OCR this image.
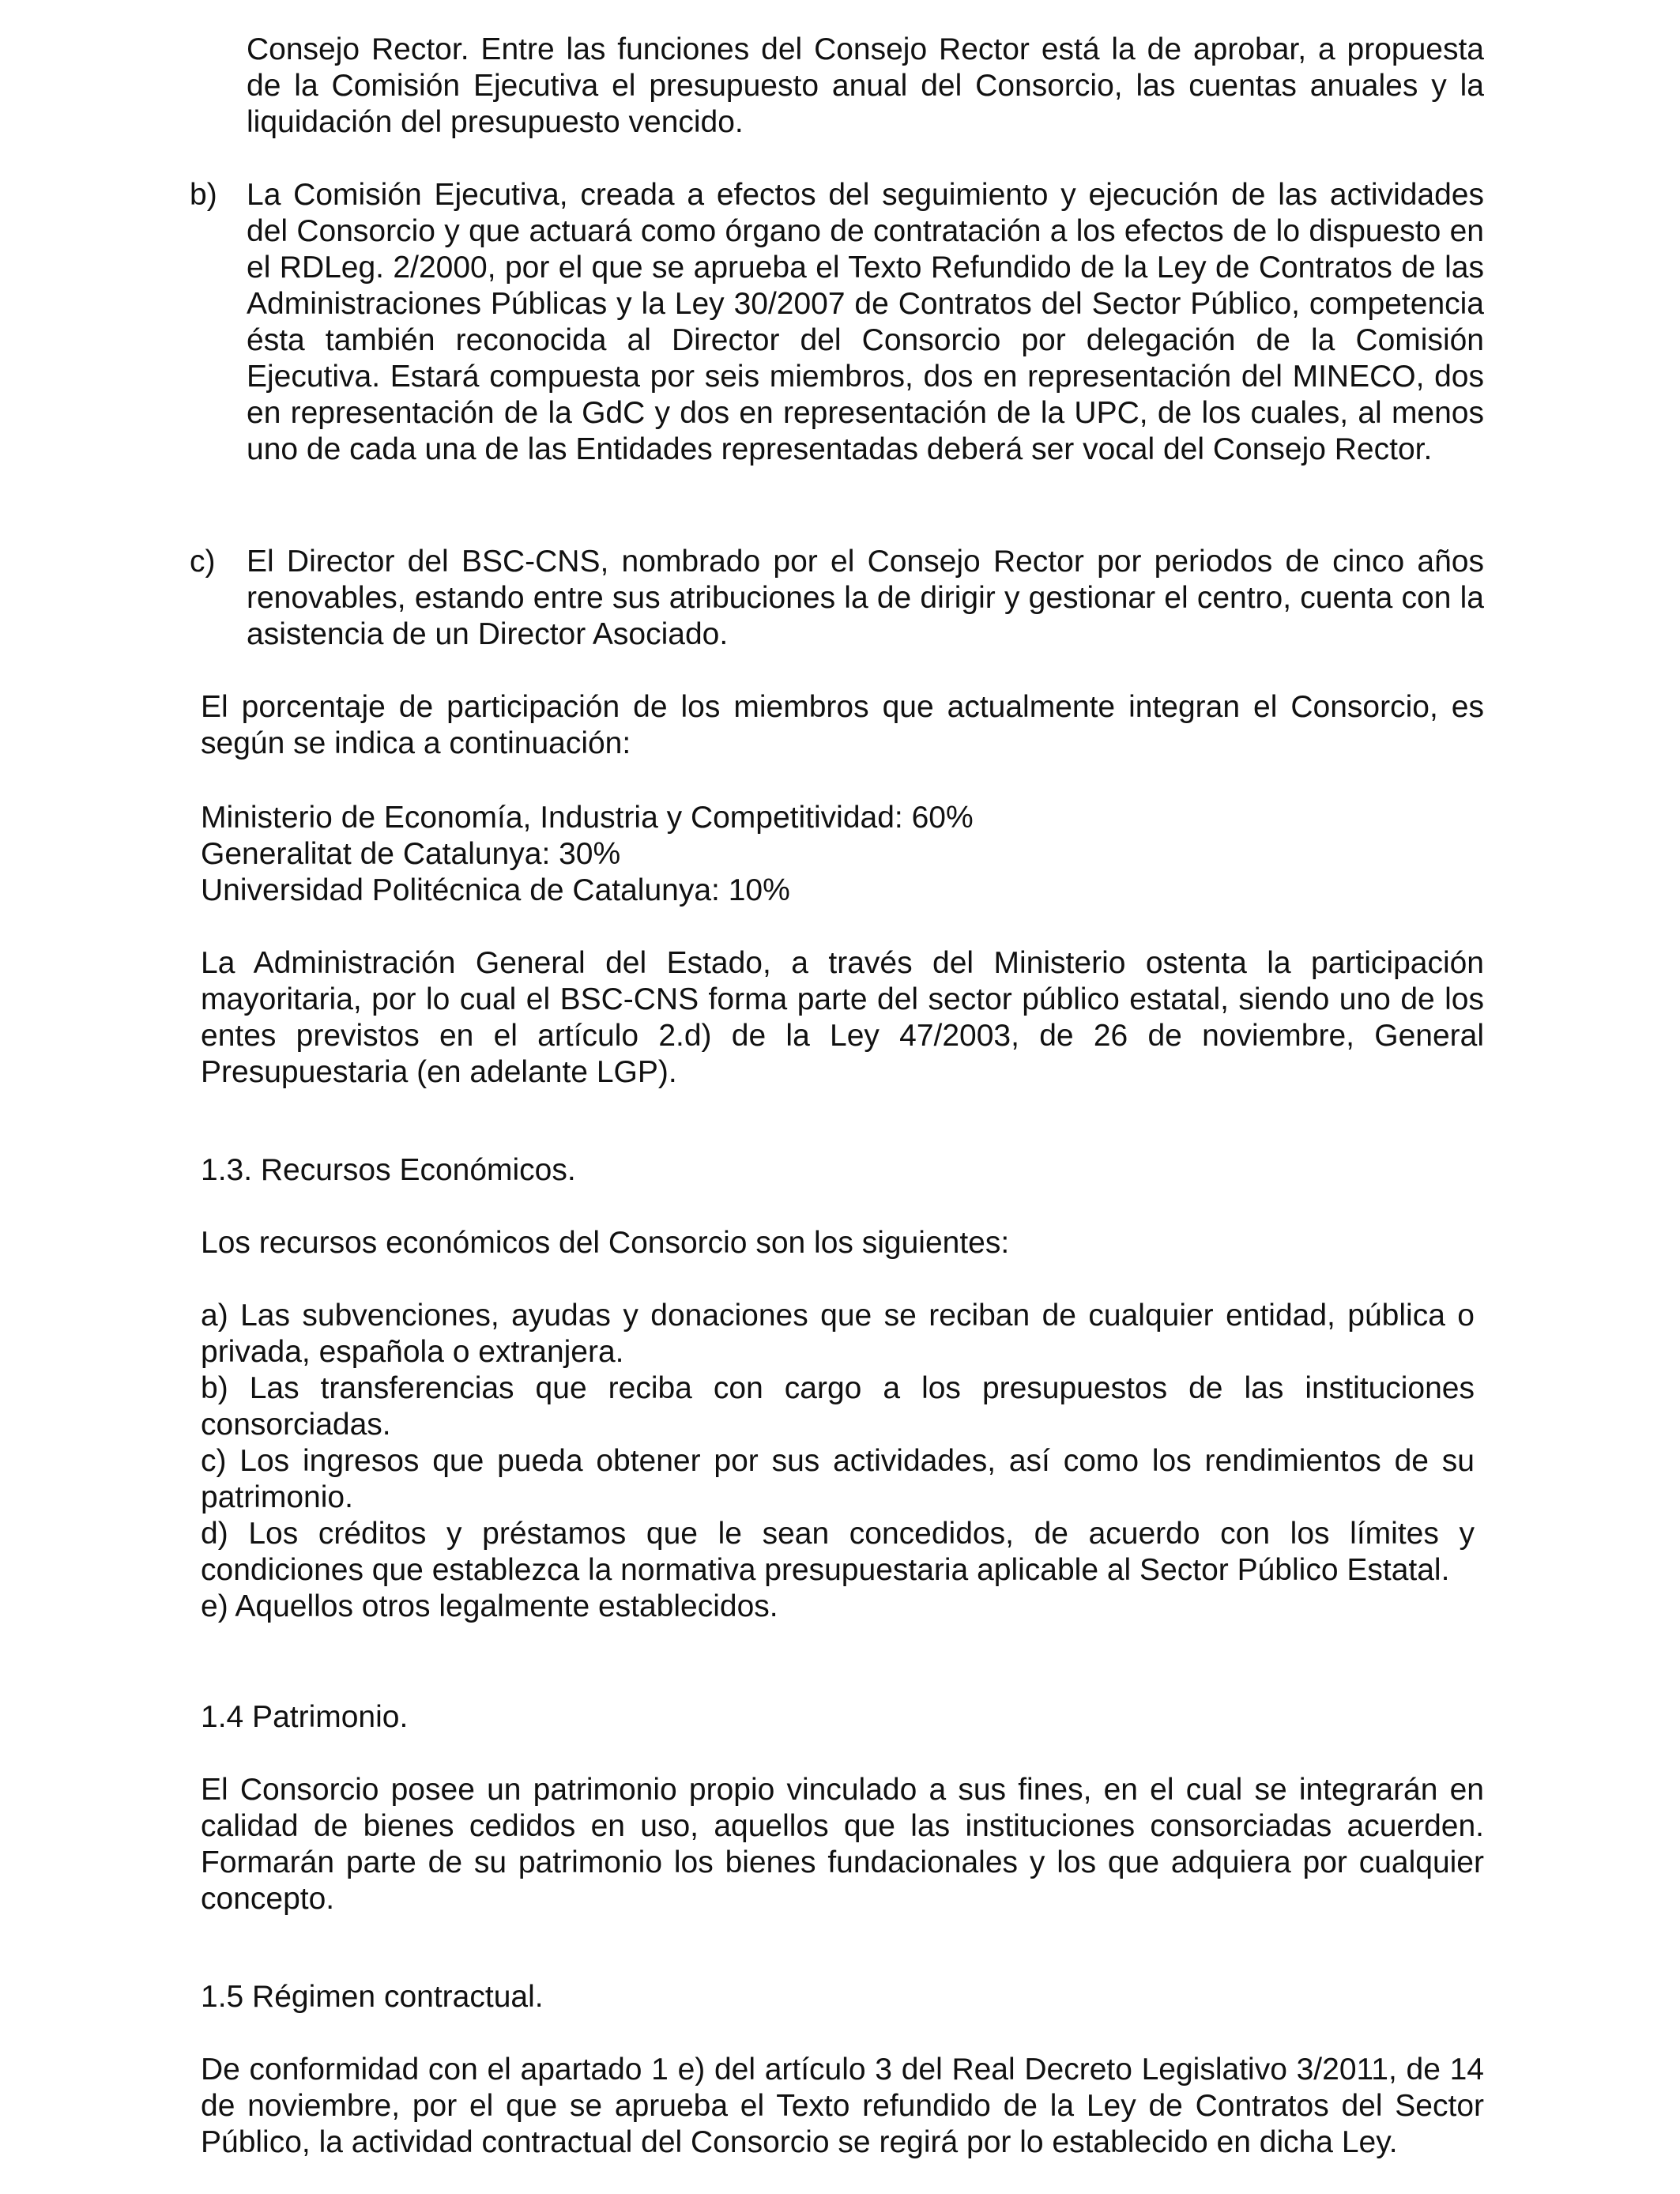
Consejo Rector. Entre las funciones del Consejo Rector está la de aprobar, a propuesta de la Comisión Ejecutiva el presupuesto anual del Consorcio, las cuentas anuales y la liquidación del presupuesto vencido.

b) La Comisión Ejecutiva, creada a efectos del seguimiento y ejecución de las actividades del Consorcio y que actuará como órgano de contratación a los efectos de lo dispuesto en el RDLeg. 2/2000, por el que se aprueba el Texto Refundido de la Ley de Contratos de las Administraciones Públicas y la Ley 30/2007 de Contratos del Sector Público, competencia ésta también reconocida al Director del Consorcio por delegación de la Comisión Ejecutiva. Estará compuesta por seis miembros, dos en representación del MINECO, dos en representación de la GdC y dos en representación de la UPC, de los cuales, al menos uno de cada una de las Entidades representadas deberá ser vocal del Consejo Rector.
c)	El Director del BSC-CNS, nombrado por el Consejo Rector por periodos de cinco años renovables, estando entre sus atribuciones la de dirigir y gestionar el centro, cuenta con la asistencia de un Director Asociado.

El porcentaje de participación de los miembros que actualmente integran el Consorcio, es según se indica a continuación:

Ministerio de Economía, Industria y Competitividad: 60%

Generalitat de Catalunya: 30%

Universidad Politécnica de Catalunya: 10%

La Administración General del Estado, a través del Ministerio ostenta la participación mayoritaria, por lo cual el BSC-CNS forma parte del sector público estatal, siendo uno de los entes previstos en el artículo 2.d) de la Ley 47/2003, de 26 de noviembre, General Presupuestaria (en adelante LGP).

1.3. Recursos Económicos.

Los recursos económicos del Consorcio son los siguientes:

a) Las subvenciones, ayudas y donaciones que se reciban de cualquier entidad, pública o privada, española o extranjera.

b) Las transferencias que reciba con cargo a los presupuestos de las instituciones consorciadas.

c) Los ingresos que pueda obtener por sus actividades, así como los rendimientos de su patrimonio.

d) Los créditos y préstamos que le sean concedidos, de acuerdo con los límites y condiciones que establezca la normativa presupuestaria aplicable al Sector Público Estatal.

e) Aquellos otros legalmente establecidos.

1.4 Patrimonio.

El Consorcio posee un patrimonio propio vinculado a sus fines, en el cual se integrarán en calidad de bienes cedidos en uso, aquellos que las instituciones consorciadas acuerden. Formarán parte de su patrimonio los bienes fundacionales y los que adquiera por cualquier concepto.

1.5 Régimen contractual.

De conformidad con el apartado 1 e) del artículo 3 del Real Decreto Legislativo 3/2011, de 14 de noviembre, por el que se aprueba el Texto refundido de la Ley de Contratos del Sector Público, la actividad contractual del Consorcio se regirá por lo establecido en dicha Ley.
